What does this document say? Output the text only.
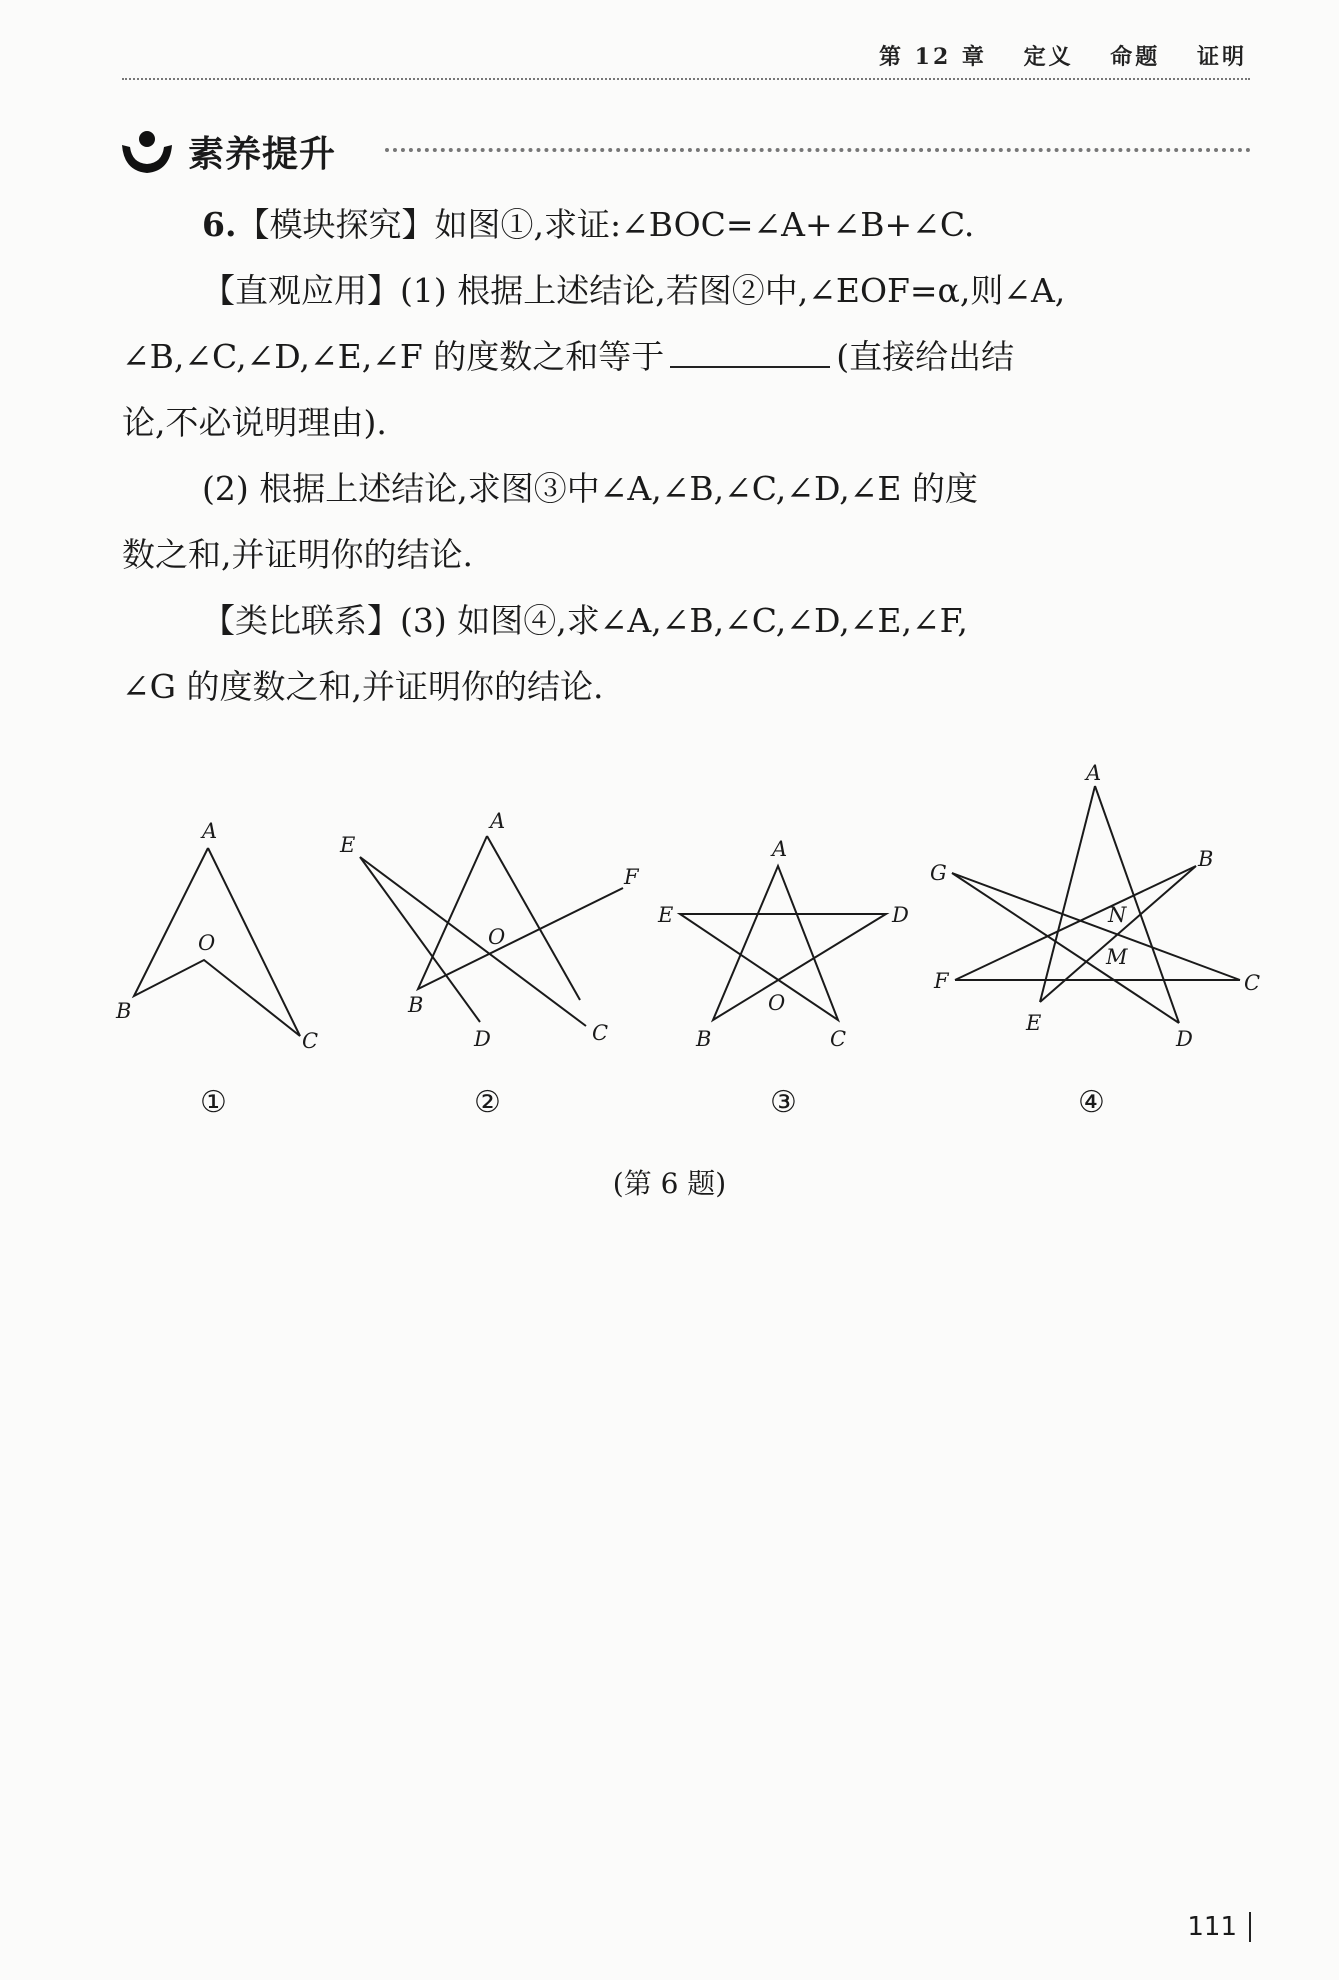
第 12 章 定义 命题 证明
素养提升

6.【模块探究】如图①,求证:∠BOC=∠A+∠B+∠C.

【直观应用】(1) 根据上述结论,若图②中,∠EOF=α,则∠A,

∠B,∠C,∠D,∠E,∠F 的度数之和等于	(直接给出结

论,不必说明理由).

(2) 根据上述结论,求图③中∠A,∠B,∠C,∠D,∠E 的度

数之和,并证明你的结论.

【类比联系】(3) 如图④,求∠A,∠B,∠C,∠D,∠E,∠F,

∠G 的度数之和,并证明你的结论.

A
O
B
C
E
A
F
O
B
D	C
A
E	D
O
B	C
A
G
B
N
M
F	C
E
D
①	②	③	④
(第 6 题)
111
